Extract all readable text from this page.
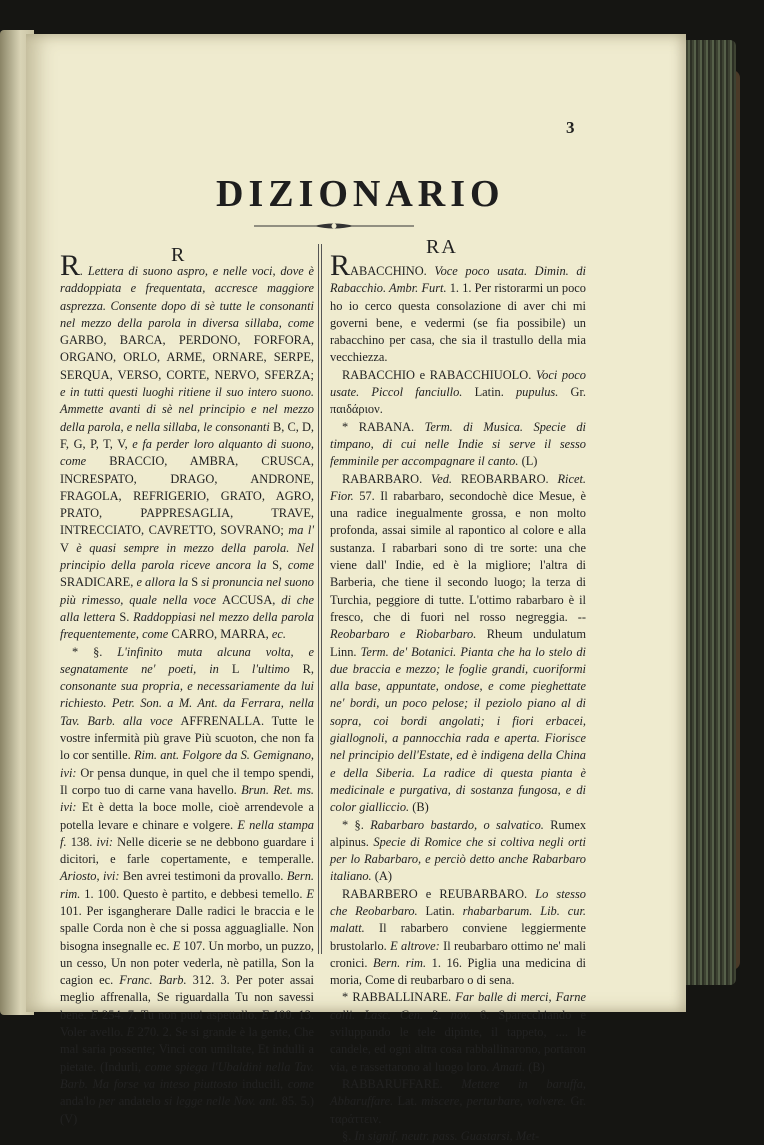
3
DIZIONARIO
R	RA

R. Lettera di suono aspro, e nelle voci, dove è raddoppiata e frequentata, accresce maggiore asprezza. Consente dopo di sè tutte le consonanti nel mezzo della parola in diversa sillaba, come GARBO, BARCA, PERDONO, FORFORA, ORGANO, ORLO, ARME, ORNARE, SERPE, SERQUA, VERSO, CORTE, NERVO, SFERZA; e in tutti questi luoghi ritiene il suo intero suono. Ammette avanti di sè nel principio e nel mezzo della parola, e nella sillaba, le consonanti B, C, D, F, G, P, T, V, e fa perder loro alquanto di suono, come BRACCIO, AMBRA, CRUSCA, INCRESPATO, DRAGO, ANDRONE, FRAGOLA, REFRIGERIO, GRATO, AGRO, PRATO, PAPPRESAGLIA, TRAVE, INTRECCIATO, CAVRETTO, SOVRANO; ma l' V è quasi sempre in mezzo della parola. Nel principio della parola riceve ancora la S, come SRADICARE, e allora la S si pronuncia nel suono più rimesso, quale nella voce ACCUSA, di che alla lettera S. Raddoppiasi nel mezzo della parola frequentemente, come CARRO, MARRA, ec.

* §. L'infinito muta alcuna volta, e segnatamente ne' poeti, in L l'ultimo R, consonante sua propria, e necessariamente da lui richiesto. Petr. Son. a M. Ant. da Ferrara, nella Tav. Barb. alla voce AFFRENALLA. Tutte le vostre infermità più grave Più scuoton, che non fa lo cor sentille. Rim. ant. Folgore da S. Gemignano, ivi: Or pensa dunque, in quel che il tempo spendi, Il corpo tuo di carne vana havello. Brun. Ret. ms. ivi: Et è detta la boce molle, cioè arrendevole a potella levare e chinare e volgere. E nella stampa f. 138. ivi: Nelle dicerie se ne debbono guardare i dicitori, e farle copertamente, e temperalle. Ariosto, ivi: Ben avrei testimoni da provallo. Bern. rim. 1. 100. Questo è partito, e debbesi temello. E 101. Per isgangherare Dalle radici le braccia e le spalle Corda non è che si possa agguaglialle. Non bisogna insegnalle ec. E 107. Un morbo, un puzzo, un cesso, Un non poter vederla, nè patilla, Son la cagion ec. Franc. Barb. 312. 3. Per poter assai meglio affrenalla, Se riguardalla Tu non savessi bene. E 254. 7. Tu non puoi aspettallo. E 100. 13. Voler avello. E 270. 2. Se si grande è la gente, Che mal saria possente; Vinci con umiltate, Et indulli a pietate. (Indurli, come spiega l'Ubaldini nella Tav. Barb. Ma forse va inteso piuttosto inducili, come anda'lo per andatelo si legge nelle Nov. ant. 85. 5.) (V)

RABACCHINO. Voce poco usata. Dimin. di Rabacchio. Ambr. Furt. 1. 1. Per ristorarmi un poco ho io cerco questa consolazione di aver chi mi governi bene, e vedermi (se fia possibile) un rabacchino per casa, che sia il trastullo della mia vecchiezza.

RABACCHIO e RABACCHIUOLO. Voci poco usate. Piccol fanciullo. Latin. pupulus. Gr. παιδάριον.

* RABANA. Term. di Musica. Specie di timpano, di cui nelle Indie si serve il sesso femminile per accompagnare il canto. (L)

RABARBARO. Ved. REOBARBARO. Ricet. Fior. 57. Il rabarbaro, secondochè dice Mesue, è una radice inegualmente grossa, e non molto profonda, assai simile al rapontico al colore e alla sustanza. I rabarbari sono di tre sorte: una che viene dall' Indie, ed è la migliore; l'altra di Barberia, che tiene il secondo luogo; la terza di Turchia, peggiore di tutte. L'ottimo rabarbaro è il fresco, che di fuori nel rosso negreggia. -- Reobarbaro e Riobarbaro. Rheum undulatum Linn. Term. de' Botanici. Pianta che ha lo stelo di due braccia e mezzo; le foglie grandi, cuoriformi alla base, appuntate, ondose, e come pieghettate ne' bordi, un poco pelose; il peziolo piano al di sopra, coi bordi angolati; i fiori erbacei, giallognoli, a pannocchia rada e aperta. Fiorisce nel principio dell'Estate, ed è indigena della China e della Siberia. La radice di questa pianta è medicinale e purgativa, di sostanza fungosa, e di color gialliccio. (B)

* §. Rabarbaro bastardo, o salvatico. Rumex alpinus. Specie di Romice che si coltiva negli orti per lo Rabarbaro, e perciò detto anche Rabarbaro italiano. (A)

RABARBERO e REUBARBARO. Lo stesso che Reobarbaro. Latin. rhabarbarum. Lib. cur. malatt. Il rabarbero conviene leggiermente brustolarlo. E altrove: Il reubarbaro ottimo ne' mali cronici. Bern. rim. 1. 16. Piglia una medicina di moria, Come di reubarbaro o di sena.

* RABBALLINARE. Far balle di merci, Farne colli. Lasc. Cen. 2. nov. 6. Sparecchiando e sviluppando le tele dipinte, il tappeto, .... le candele, ed ogni altra cosa rabballinarono, portaron via, e rassettarono al luogo loro. Amati. (B)

RABBARUFFARE. Mettere in baruffa, Abbaruffare. Lat. miscere, perturbare, volvere. Gr. ταράττειν.

§. In signif. neutr. pass. Guastarsi, Met-
